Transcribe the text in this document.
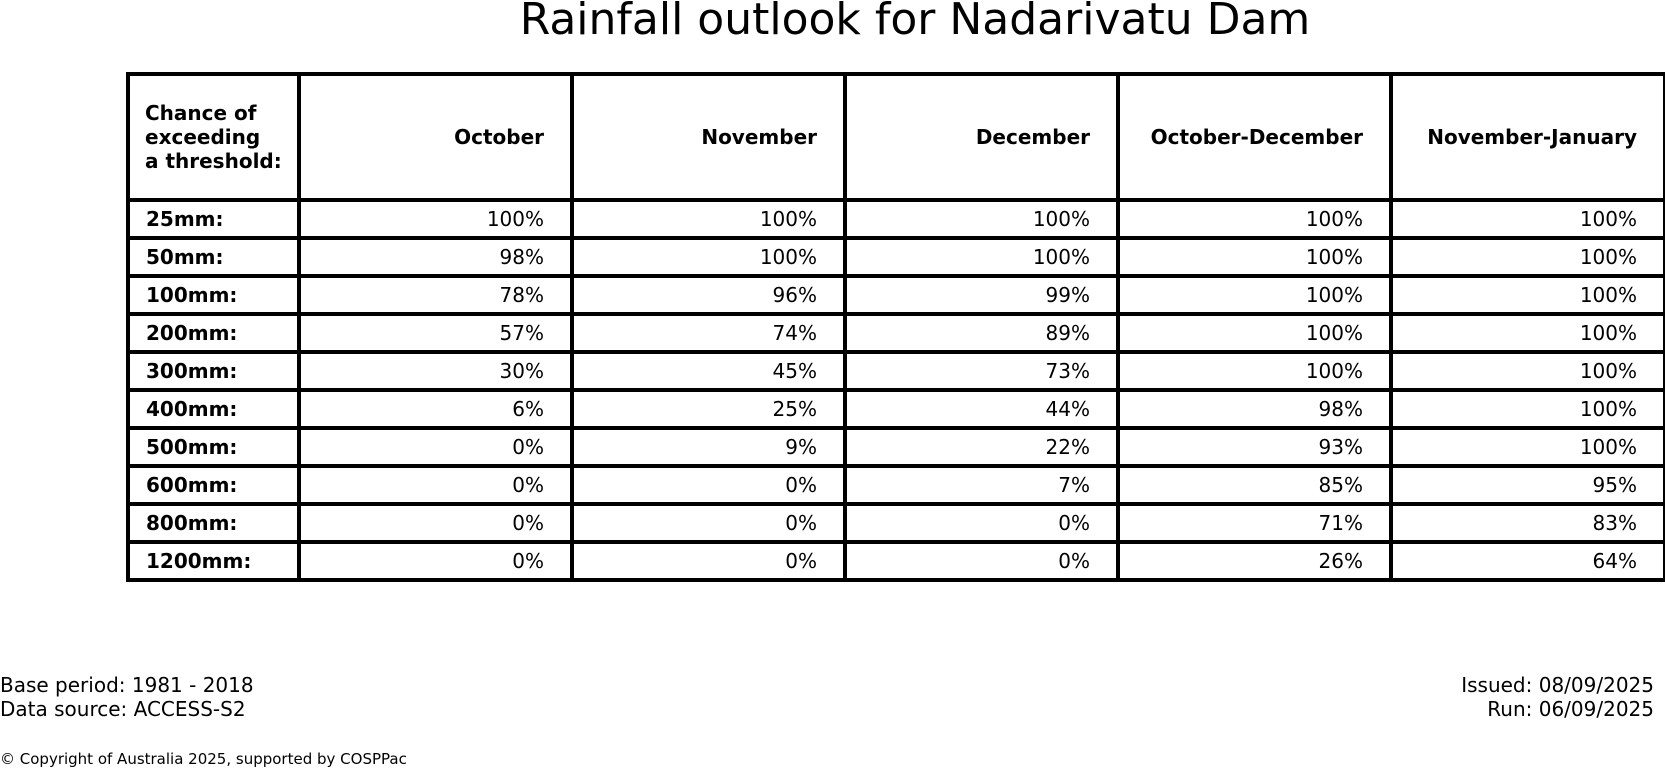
Rainfall outlook for Nadarivatu Dam
Chance of
exceeding
a threshold:	October	November	December	October-December	November-January
25mm:	100%	100%	100%	100%	100%
50mm:	98%	100%	100%	100%	100%
100mm:	78%	96%	99%	100%	100%
200mm:	57%	74%	89%	100%	100%
300mm:	30%	45%	73%	100%	100%
400mm:	6%	25%	44%	98%	100%
500mm:	0%	9%	22%	93%	100%
600mm:	0%	0%	7%	85%	95%
800mm:	0%	0%	0%	71%	83%
1200mm:	0%	0%	0%	26%	64%
Base period: 1981 - 2018
Data source: ACCESS-S2
Issued: 08/09/2025
Run: 06/09/2025
© Copyright of Australia 2025, supported by COSPPac
